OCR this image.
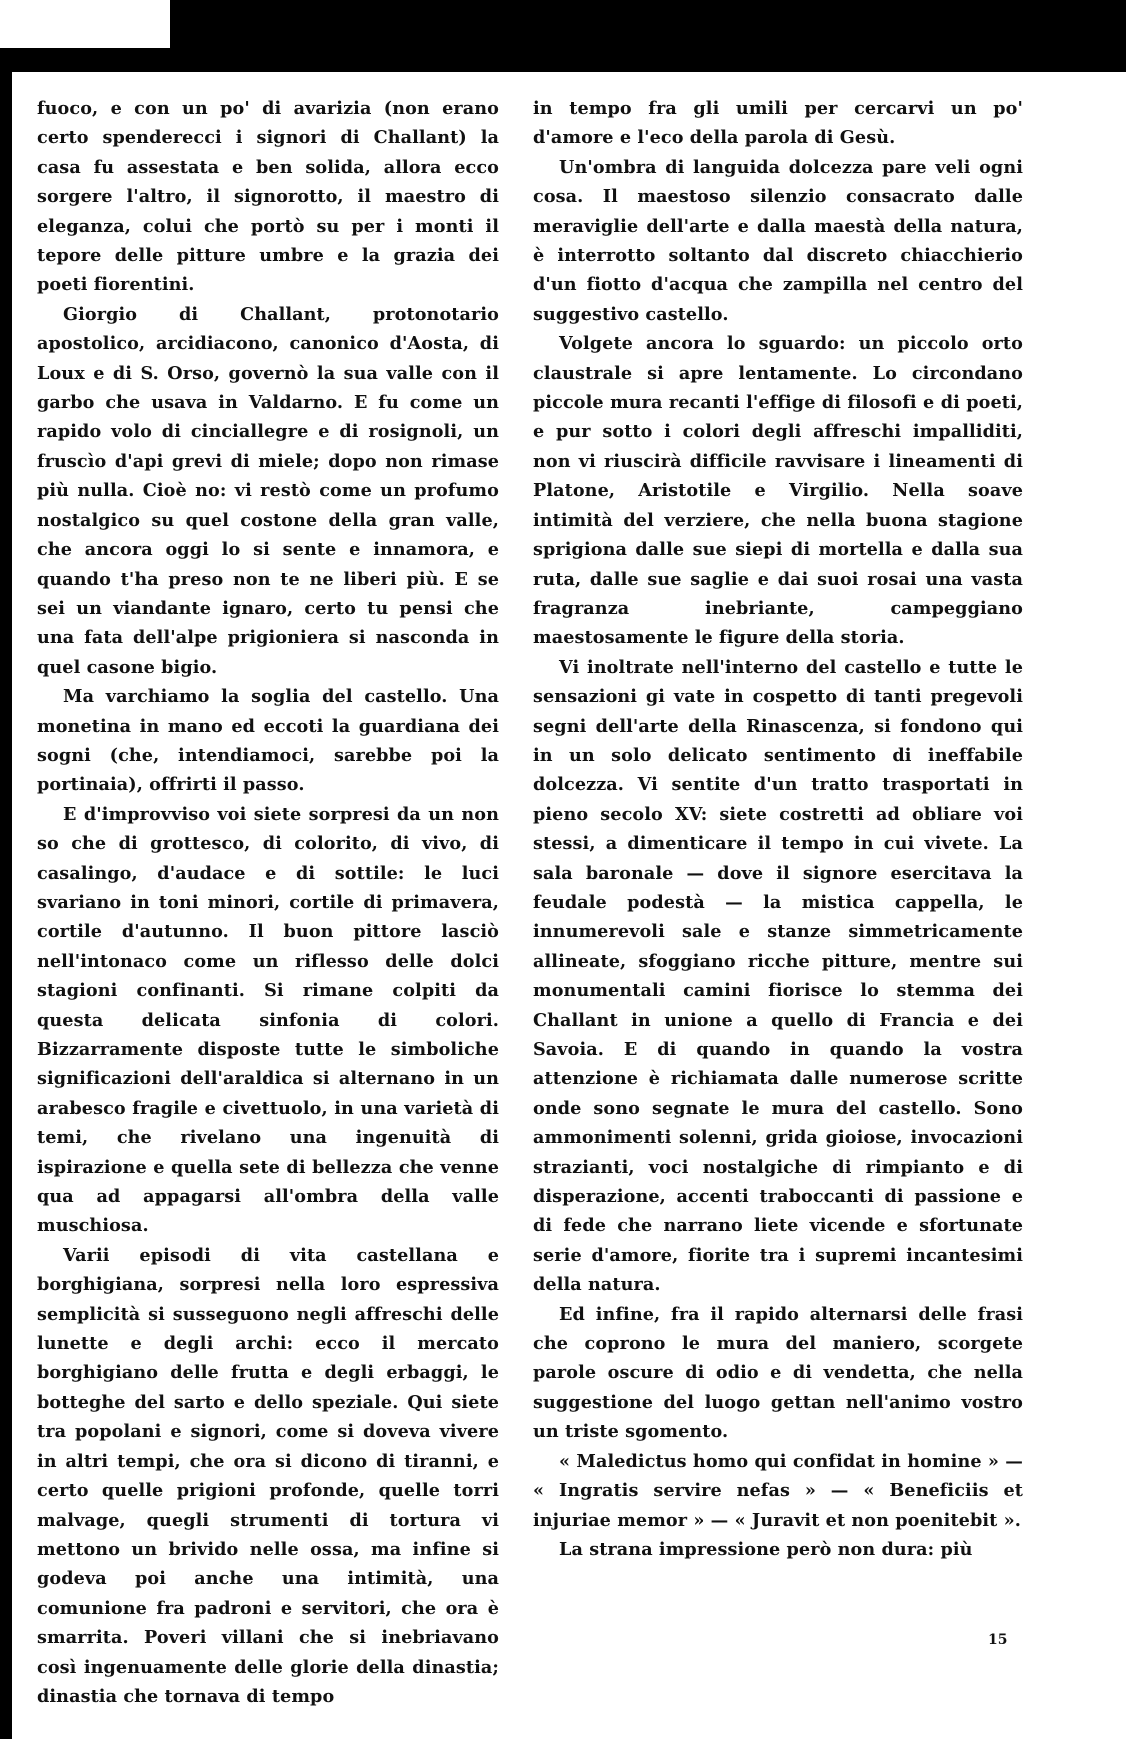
fuoco, e con un po' di avarizia (non erano certo spenderecci i signori di Challant) la casa fu assestata e ben solida, allora ecco sorgere l'altro, il signorotto, il maestro di eleganza, colui che portò su per i monti il tepore delle pitture umbre e la grazia dei poeti fiorentini.

Giorgio di Challant, protonotario apostolico, arcidiacono, canonico d'Aosta, di Loux e di S. Orso, governò la sua valle con il garbo che usava in Valdarno. E fu come un rapido volo di cinciallegre e di rosignoli, un fruscìo d'api grevi di miele; dopo non rimase più nulla. Cioè no: vi restò come un profumo nostalgico su quel costone della gran valle, che ancora oggi lo si sente e innamora, e quando t'ha preso non te ne liberi più. E se sei un viandante ignaro, certo tu pensi che una fata dell'alpe prigioniera si nasconda in quel casone bigio.

Ma varchiamo la soglia del castello. Una monetina in mano ed eccoti la guardiana dei sogni (che, intendiamoci, sarebbe poi la portinaia), offrirti il passo.

E d'improvviso voi siete sorpresi da un non so che di grottesco, di colorito, di vivo, di casalingo, d'audace e di sottile: le luci svariano in toni minori, cortile di primavera, cortile d'autunno. Il buon pittore lasciò nell'intonaco come un riflesso delle dolci stagioni confinanti. Si rimane colpiti da questa delicata sinfonia di colori. Bizzarramente disposte tutte le simboliche significazioni dell'araldica si alternano in un arabesco fragile e civettuolo, in una varietà di temi, che rivelano una ingenuità di ispirazione e quella sete di bellezza che venne qua ad appagarsi all'ombra della valle muschiosa.

Varii episodi di vita castellana e borghigiana, sorpresi nella loro espressiva semplicità si susseguono negli affreschi delle lunette e degli archi: ecco il mercato borghigiano delle frutta e degli erbaggi, le botteghe del sarto e dello speziale. Qui siete tra popolani e signori, come si doveva vivere in altri tempi, che ora si dicono di tiranni, e certo quelle prigioni profonde, quelle torri malvage, quegli strumenti di tortura vi mettono un brivido nelle ossa, ma infine si godeva poi anche una intimità, una comunione fra padroni e servitori, che ora è smarrita. Poveri villani che si inebriavano così ingenuamente delle glorie della dinastia; dinastia che tornava di tempo

in tempo fra gli umili per cercarvi un po' d'amore e l'eco della parola di Gesù.

Un'ombra di languida dolcezza pare veli ogni cosa. Il maestoso silenzio consacrato dalle meraviglie dell'arte e dalla maestà della natura, è interrotto soltanto dal discreto chiacchierio d'un fiotto d'acqua che zampilla nel centro del suggestivo castello.

Volgete ancora lo sguardo: un piccolo orto claustrale si apre lentamente. Lo circondano piccole mura recanti l'effige di filosofi e di poeti, e pur sotto i colori degli affreschi impalliditi, non vi riuscirà difficile ravvisare i lineamenti di Platone, Aristotile e Virgilio. Nella soave intimità del verziere, che nella buona stagione sprigiona dalle sue siepi di mortella e dalla sua ruta, dalle sue saglie e dai suoi rosai una vasta fragranza inebriante, campeggiano maestosamente le figure della storia.

Vi inoltrate nell'interno del castello e tutte le sensazioni gi vate in cospetto di tanti pregevoli segni dell'arte della Rinascenza, si fondono qui in un solo delicato sentimento di ineffabile dolcezza. Vi sentite d'un tratto trasportati in pieno secolo XV: siete costretti ad obliare voi stessi, a dimenticare il tempo in cui vivete. La sala baronale — dove il signore esercitava la feudale podestà — la mistica cappella, le innumerevoli sale e stanze simmetricamente allineate, sfoggiano ricche pitture, mentre sui monumentali camini fiorisce lo stemma dei Challant in unione a quello di Francia e dei Savoia. E di quando in quando la vostra attenzione è richiamata dalle numerose scritte onde sono segnate le mura del castello. Sono ammonimenti solenni, grida gioiose, invocazioni strazianti, voci nostalgiche di rimpianto e di disperazione, accenti traboccanti di passione e di fede che narrano liete vicende e sfortunate serie d'amore, fiorite tra i supremi incantesimi della natura.

Ed infine, fra il rapido alternarsi delle frasi che coprono le mura del maniero, scorgete parole oscure di odio e di vendetta, che nella suggestione del luogo gettan nell'animo vostro un triste sgomento.

« Maledictus homo qui confidat in homine » — « Ingratis servire nefas » — « Beneficiis et injuriae memor » — « Juravit et non poenitebit ».

La strana impressione però non dura: più

15
